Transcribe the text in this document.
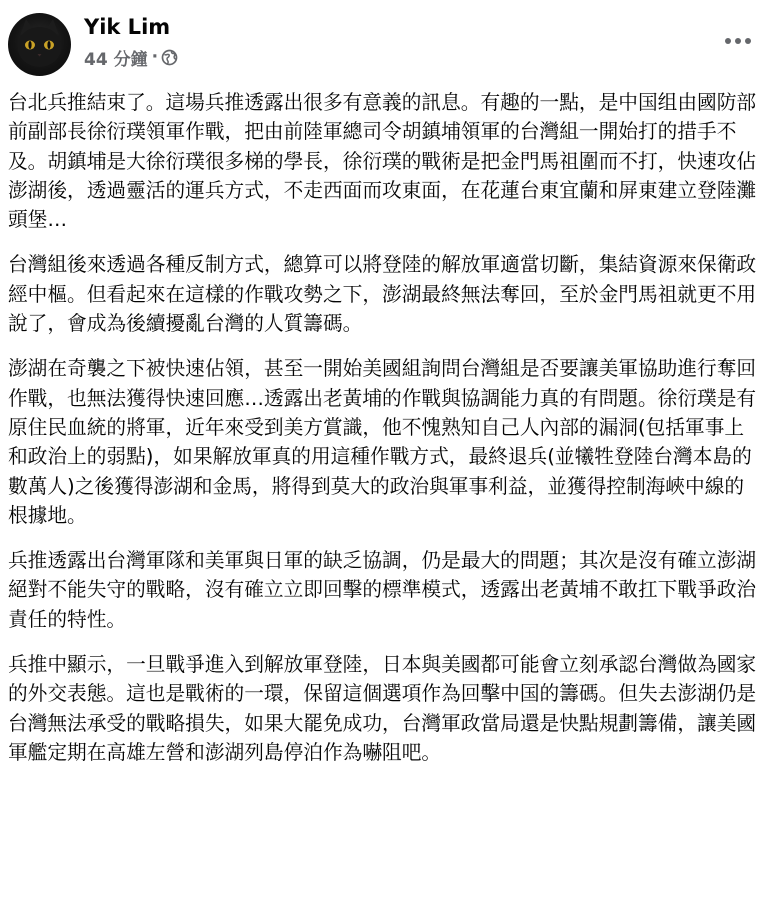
Yik Lim
44 分鐘 ·

台北兵推結束了。這場兵推透露出很多有意義的訊息。有趣的一點，是中国组由國防部前副部長徐衍璞領軍作戰，把由前陸軍總司令胡鎮埔領軍的台灣組一開始打的措手不及。胡鎮埔是大徐衍璞很多梯的學長，徐衍璞的戰術是把金門馬祖圍而不打，快速攻佔澎湖後，透過靈活的運兵方式，不走西面而攻東面，在花蓮台東宜蘭和屏東建立登陸灘頭堡…

台灣組後來透過各種反制方式，總算可以將登陸的解放軍適當切斷，集結資源來保衛政經中樞。但看起來在這樣的作戰攻勢之下，澎湖最終無法奪回，至於金門馬祖就更不用說了，會成為後續擾亂台灣的人質籌碼。

澎湖在奇襲之下被快速佔領，甚至一開始美國組詢問台灣組是否要讓美軍協助進行奪回作戰，也無法獲得快速回應…透露出老黃埔的作戰與協調能力真的有問題。徐衍璞是有原住民血統的將軍，近年來受到美方賞識，他不愧熟知自己人內部的漏洞(包括軍事上和政治上的弱點)，如果解放軍真的用這種作戰方式，最終退兵(並犧牲登陸台灣本島的數萬人)之後獲得澎湖和金馬，將得到莫大的政治與軍事利益，並獲得控制海峽中線的根據地。

兵推透露出台灣軍隊和美軍與日軍的缺乏協調，仍是最大的問題；其次是沒有確立澎湖絕對不能失守的戰略，沒有確立立即回擊的標準模式，透露出老黃埔不敢扛下戰爭政治責任的特性。

兵推中顯示，一旦戰爭進入到解放軍登陸，日本與美國都可能會立刻承認台灣做為國家的外交表態。這也是戰術的一環，保留這個選項作為回擊中国的籌碼。但失去澎湖仍是台灣無法承受的戰略損失，如果大罷免成功，台灣軍政當局還是快點規劃籌備，讓美國軍艦定期在高雄左營和澎湖列島停泊作為嚇阻吧。
